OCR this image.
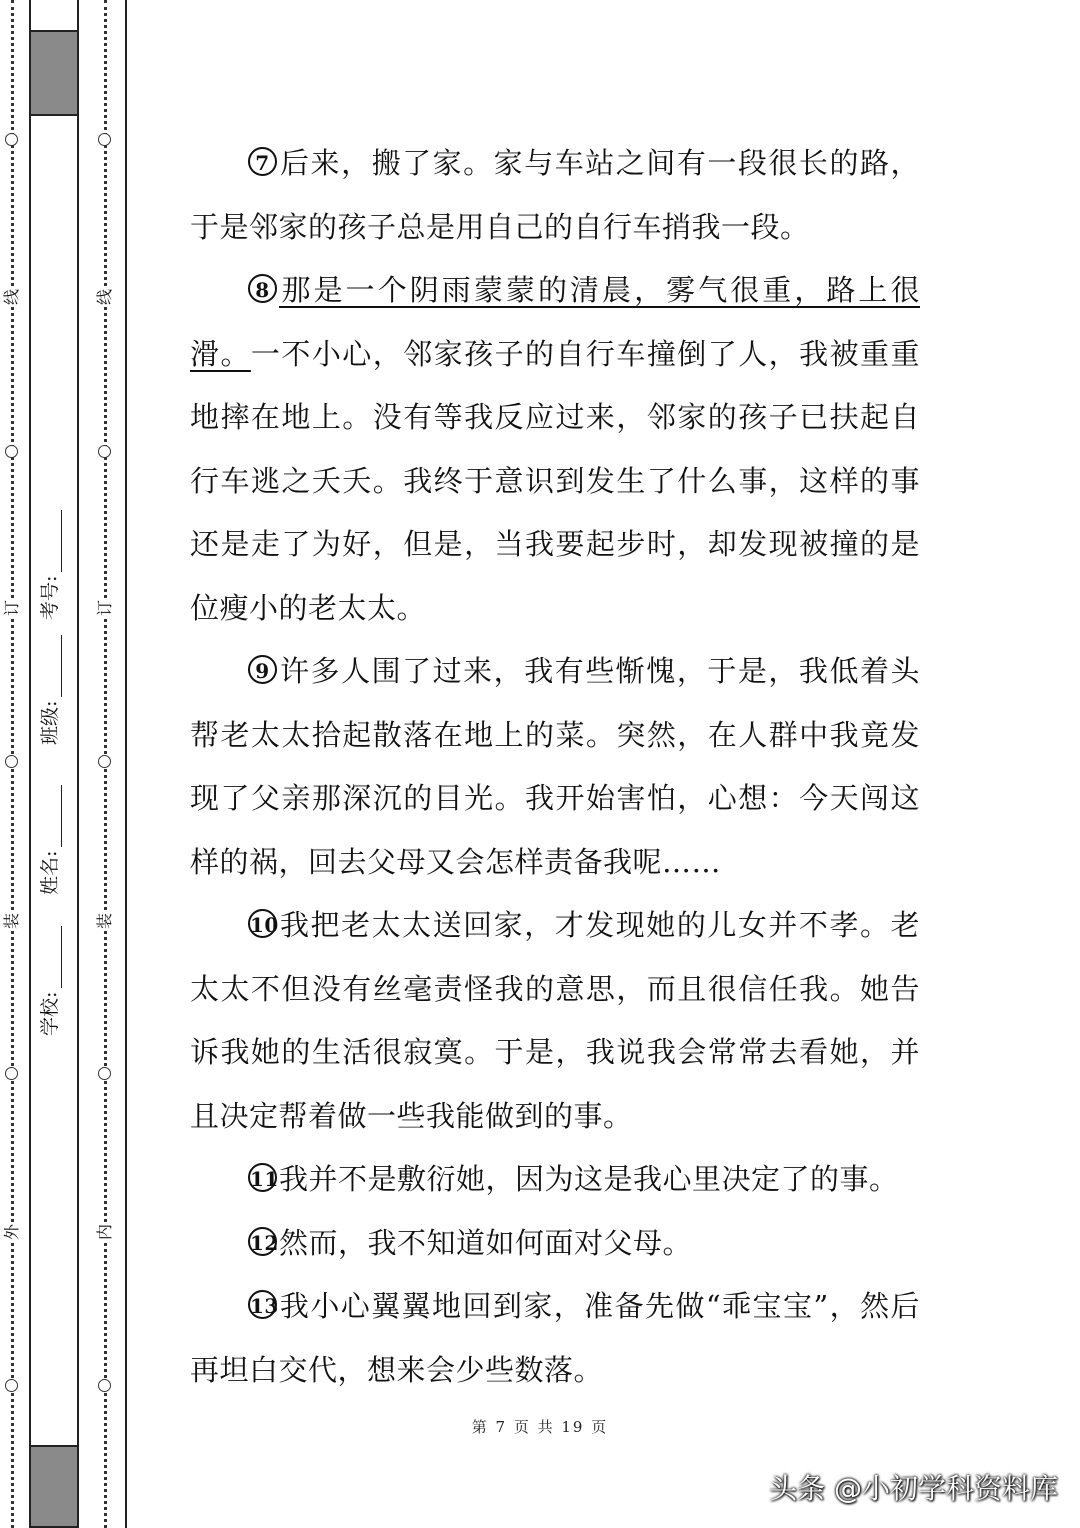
线
订
装
外
线
订
装
内
学校:
姓名:
班级:
考号:

7 后来，搬了家。家与车站之间有一段很长的路，于是邻家的孩子总是用自己的自行车捎我一段。

8 那是一个阴雨蒙蒙的清晨，雾气很重，路上很滑。一不小心，邻家孩子的自行车撞倒了人，我被重重地摔在地上。没有等我反应过来，邻家的孩子已扶起自行车逃之夭夭。我终于意识到发生了什么事，这样的事还是走了为好，但是，当我要起步时，却发现被撞的是位瘦小的老太太。

9 许多人围了过来，我有些惭愧，于是，我低着头帮老太太拾起散落在地上的菜。突然，在人群中我竟发现了父亲那深沉的目光。我开始害怕，心想：今天闯这样的祸，回去父母又会怎样责备我呢……

10我把老太太送回家，才发现她的儿女并不孝。老太太不但没有丝毫责怪我的意思，而且很信任我。她告诉我她的生活很寂寞。于是，我说我会常常去看她，并且决定帮着做一些我能做到的事。

11我并不是敷衍她，因为这是我心里决定了的事。

12然而，我不知道如何面对父母。

13我小心翼翼地回到家，准备先做“乖宝宝”，然后再坦白交代，想来会少些数落。

第 7 页 共 19 页
头条 @小初学科资料库
